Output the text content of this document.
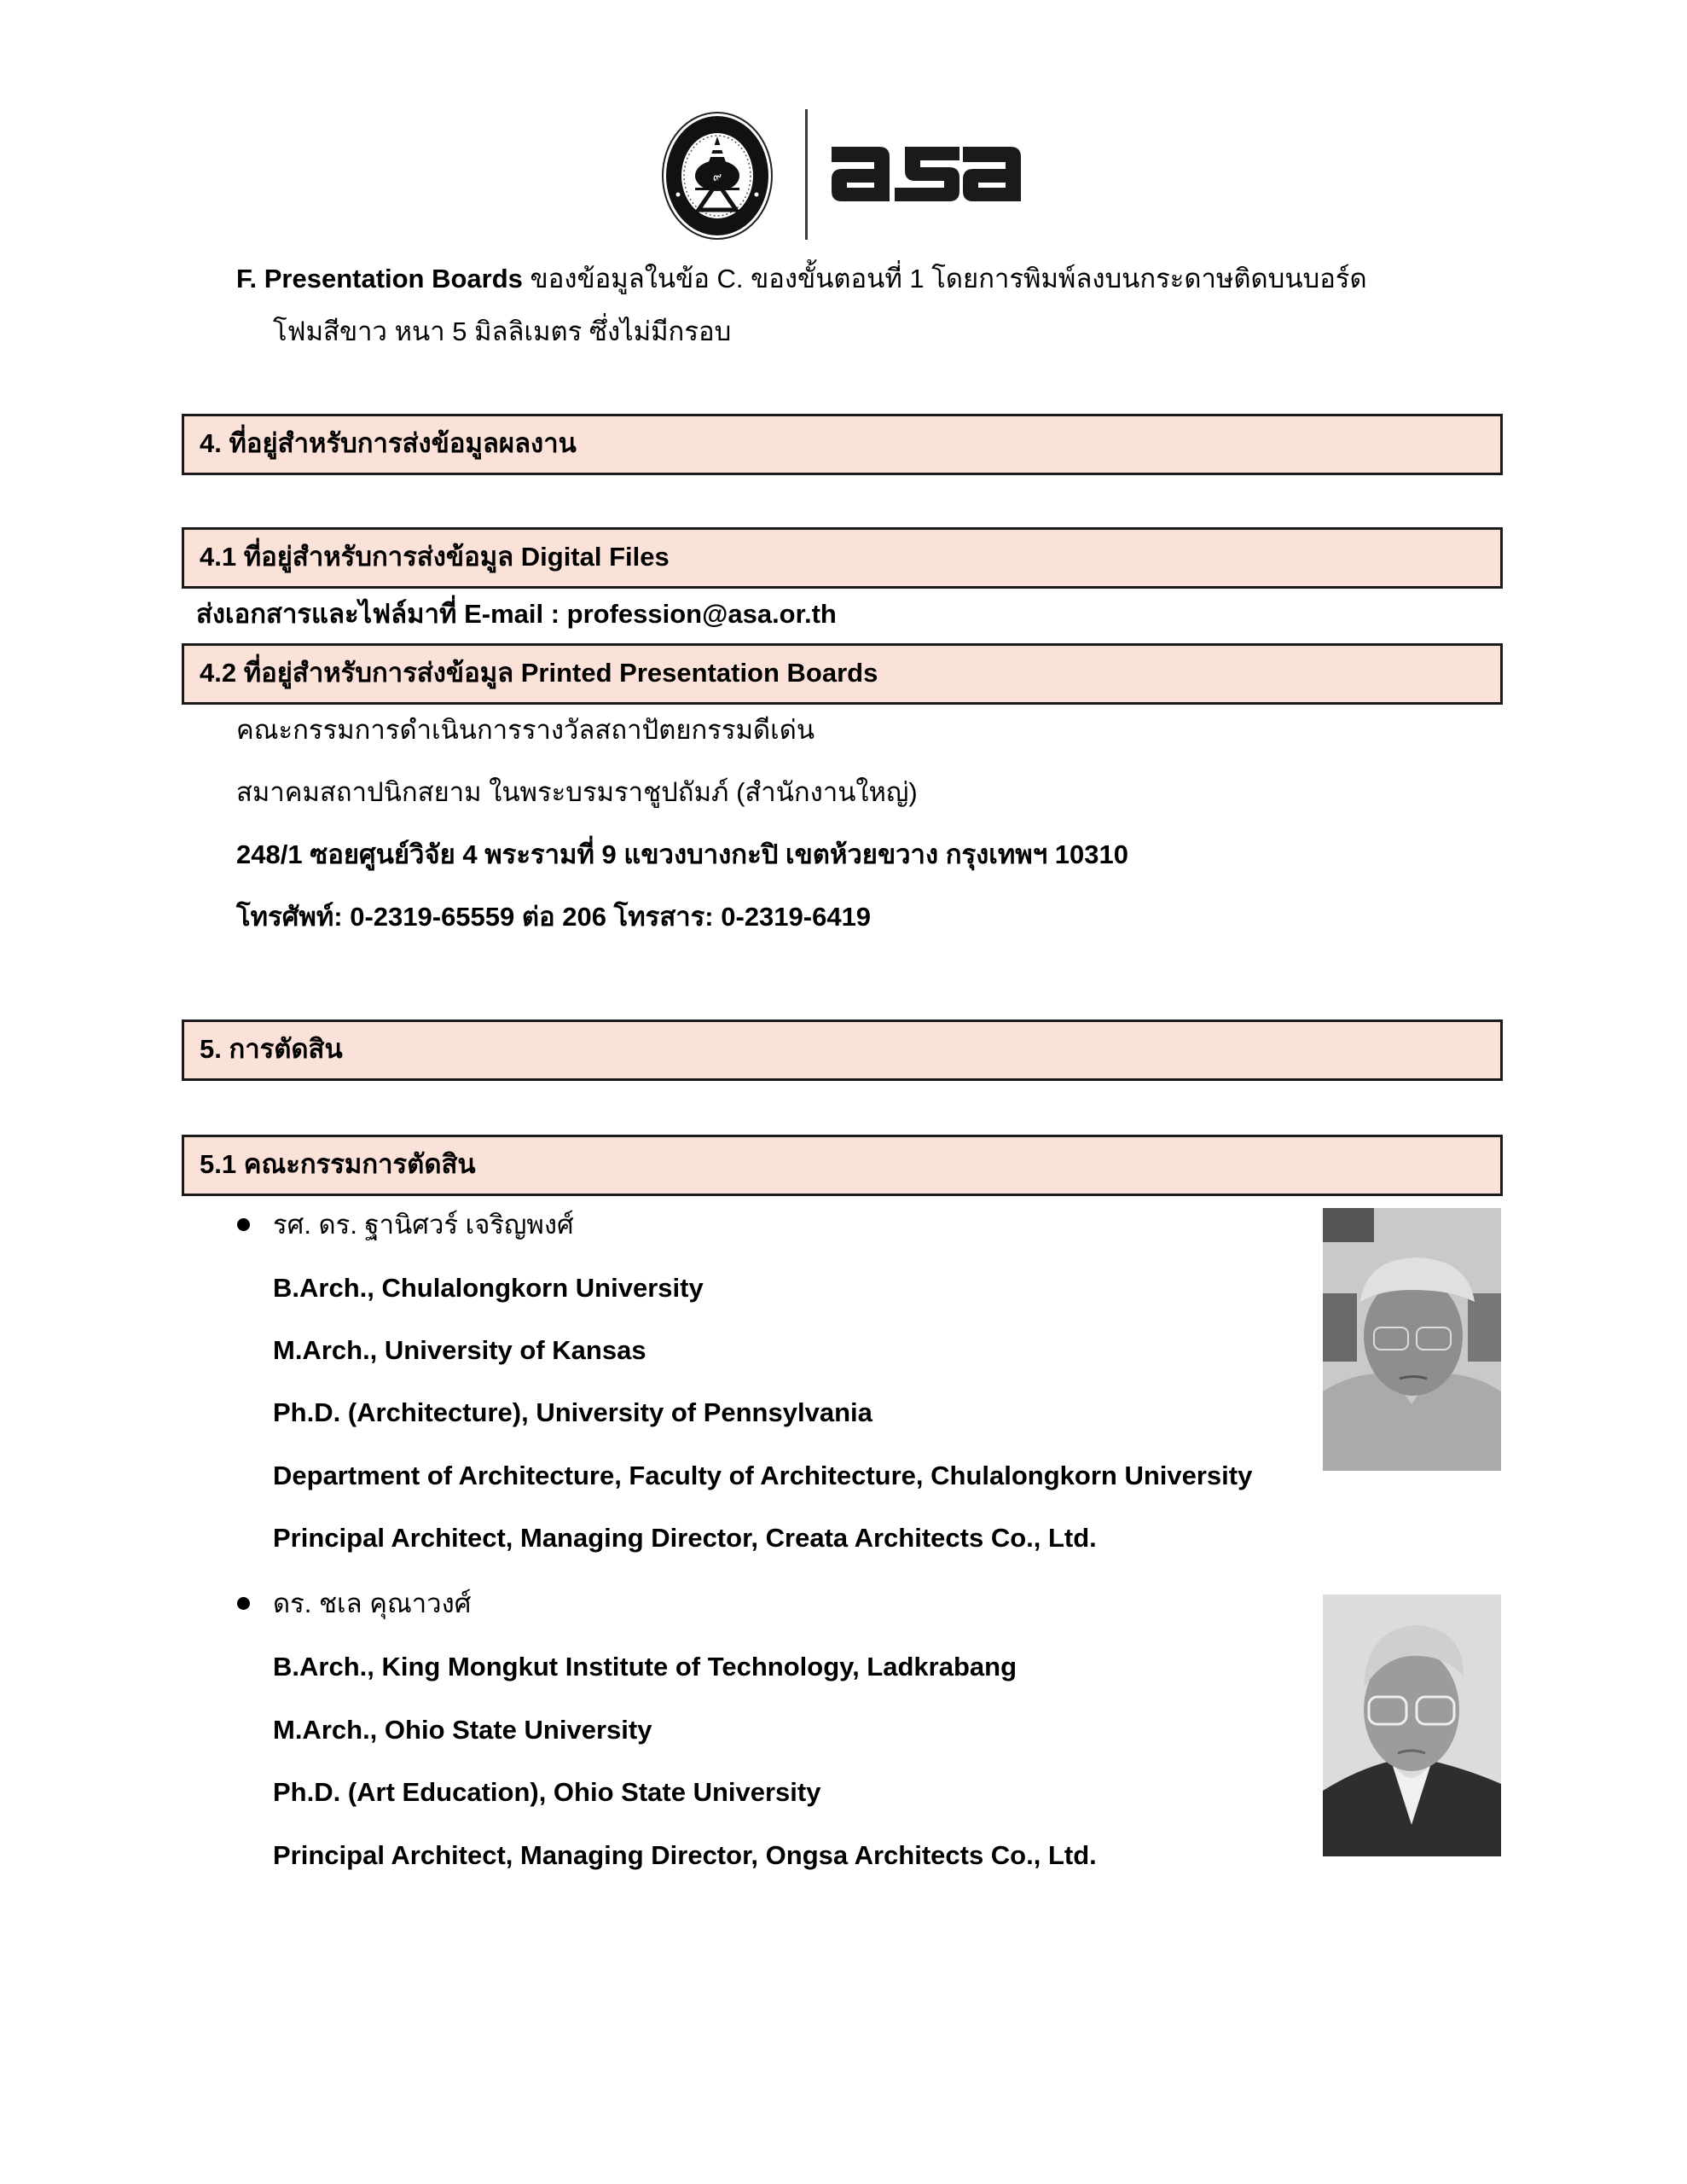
๙
F. Presentation Boards ของข้อมูลในข้อ C. ของขั้นตอนที่ 1 โดยการพิมพ์ลงบนกระดาษติดบนบอร์ด
โฟมสีขาว หนา 5 มิลลิเมตร ซึ่งไม่มีกรอบ
4. ที่อยู่สำหรับการส่งข้อมูลผลงาน
4.1 ที่อยู่สำหรับการส่งข้อมูล Digital Files
ส่งเอกสารและไฟล์มาที่ E-mail : profession@asa.or.th
4.2 ที่อยู่สำหรับการส่งข้อมูล Printed Presentation Boards
คณะกรรมการดำเนินการรางวัลสถาปัตยกรรมดีเด่น
สมาคมสถาปนิกสยาม ในพระบรมราชูปถัมภ์ (สำนักงานใหญ่)
248/1 ซอยศูนย์วิจัย 4 พระรามที่ 9 แขวงบางกะปิ เขตห้วยขวาง กรุงเทพฯ 10310
โทรศัพท์: 0-2319-65559 ต่อ 206 โทรสาร: 0-2319-6419
5. การตัดสิน
5.1 คณะกรรมการตัดสิน
รศ. ดร. ฐานิศวร์ เจริญพงศ์
B.Arch., Chulalongkorn University
M.Arch., University of Kansas
Ph.D. (Architecture), University of Pennsylvania
Department of Architecture, Faculty of Architecture, Chulalongkorn University
Principal Architect, Managing Director, Creata Architects Co., Ltd.
ดร. ชเล คุณาวงศ์
B.Arch., King Mongkut Institute of Technology, Ladkrabang
M.Arch., Ohio State University
Ph.D. (Art Education), Ohio State University
Principal Architect, Managing Director, Ongsa Architects Co., Ltd.
